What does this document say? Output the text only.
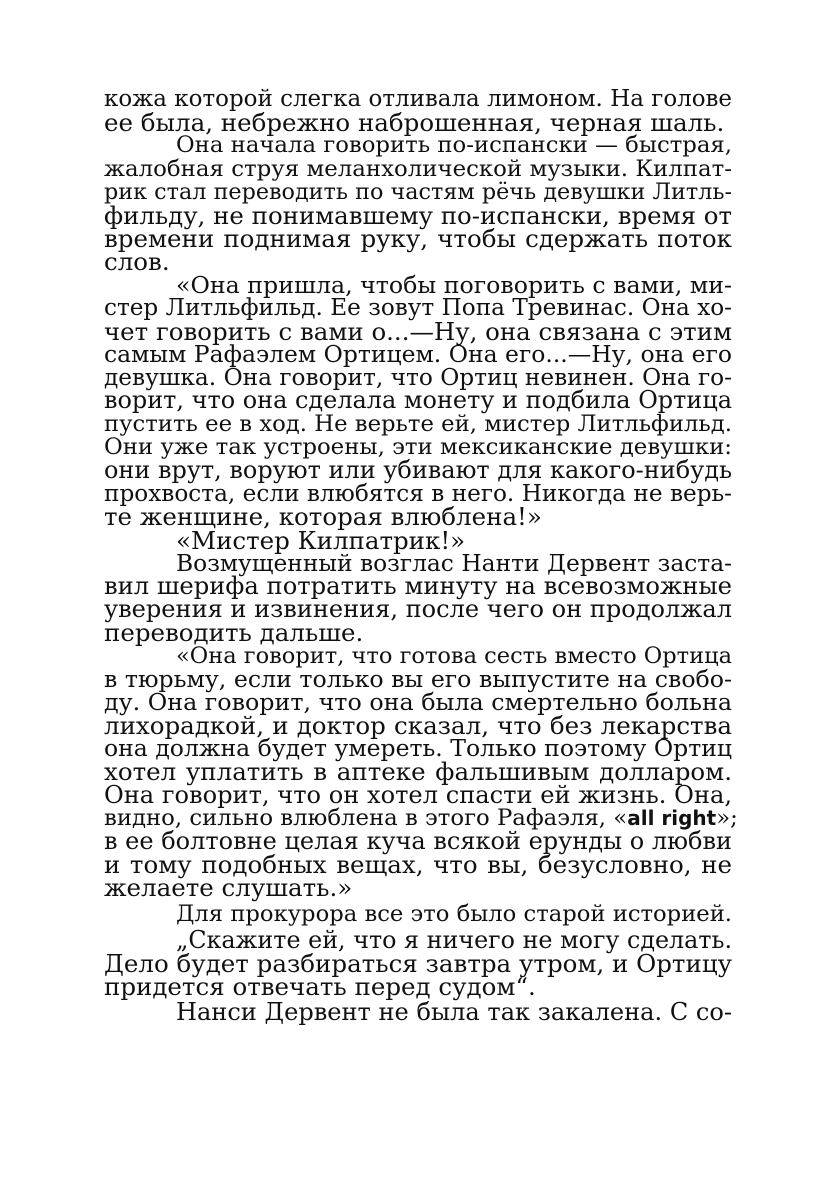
кожа которой слегка отливала лимоном. На голове
ее была, небрежно наброшенная, черная шаль.
Она начала говорить по-испански — быстрая,
жалобная струя меланхолической музыки. Килпат-
рик стал переводить по частям рёчь девушки Литль-
фильду, не понимавшему по-испански, время от
времени поднимая руку, чтобы сдержать поток
слов.
«Она пришла, чтобы поговорить с вами, ми-
стер Литльфильд. Ее зовут Попа Тревинас. Она хо-
чет говорить с вами о...—Ну, она связана с этим
самым Рафаэлем Ортицем. Она его...—Ну, она его
девушка. Она говорит, что Ортиц невинен. Она го-
ворит, что она сделала монету и подбила Ортица
пустить ее в ход. Не верьте ей, мистер Литльфильд.
Они уже так устроены, эти мексиканские девушки:
они врут, воруют или убивают для какого-нибудь
прохвоста, если влюбятся в него. Никогда не верь-
те женщине, которая влюблена!»
«Мистер Килпатрик!»
Возмущенный возглас Нанти Дервент заста-
вил шерифа потратить минуту на всевозможные
уверения и извинения, после чего он продолжал
переводить дальше.
«Она говорит, что готова сесть вместо Ортица
в тюрьму, если только вы его выпустите на свобо-
ду. Она говорит, что она была смертельно больна
лихорадкой, и доктор сказал, что без лекарства
она должна будет умереть. Только поэтому Ортиц
хотел уплатить в аптеке фальшивым долларом.
Она говорит, что он хотел спасти ей жизнь. Она,
видно, сильно влюблена в этого Рафаэля, «all right»;
в ее болтовне целая куча всякой ерунды о любви
и тому подобных вещах, что вы, безусловно, не
желаете слушать.»
Для прокурора все это было старой историей.
„Скажите ей, что я ничего не могу сделать.
Дело будет разбираться завтра утром, и Ортицу
придется отвечать перед судом“.
Нанси Дервент не была так закалена. С со-
